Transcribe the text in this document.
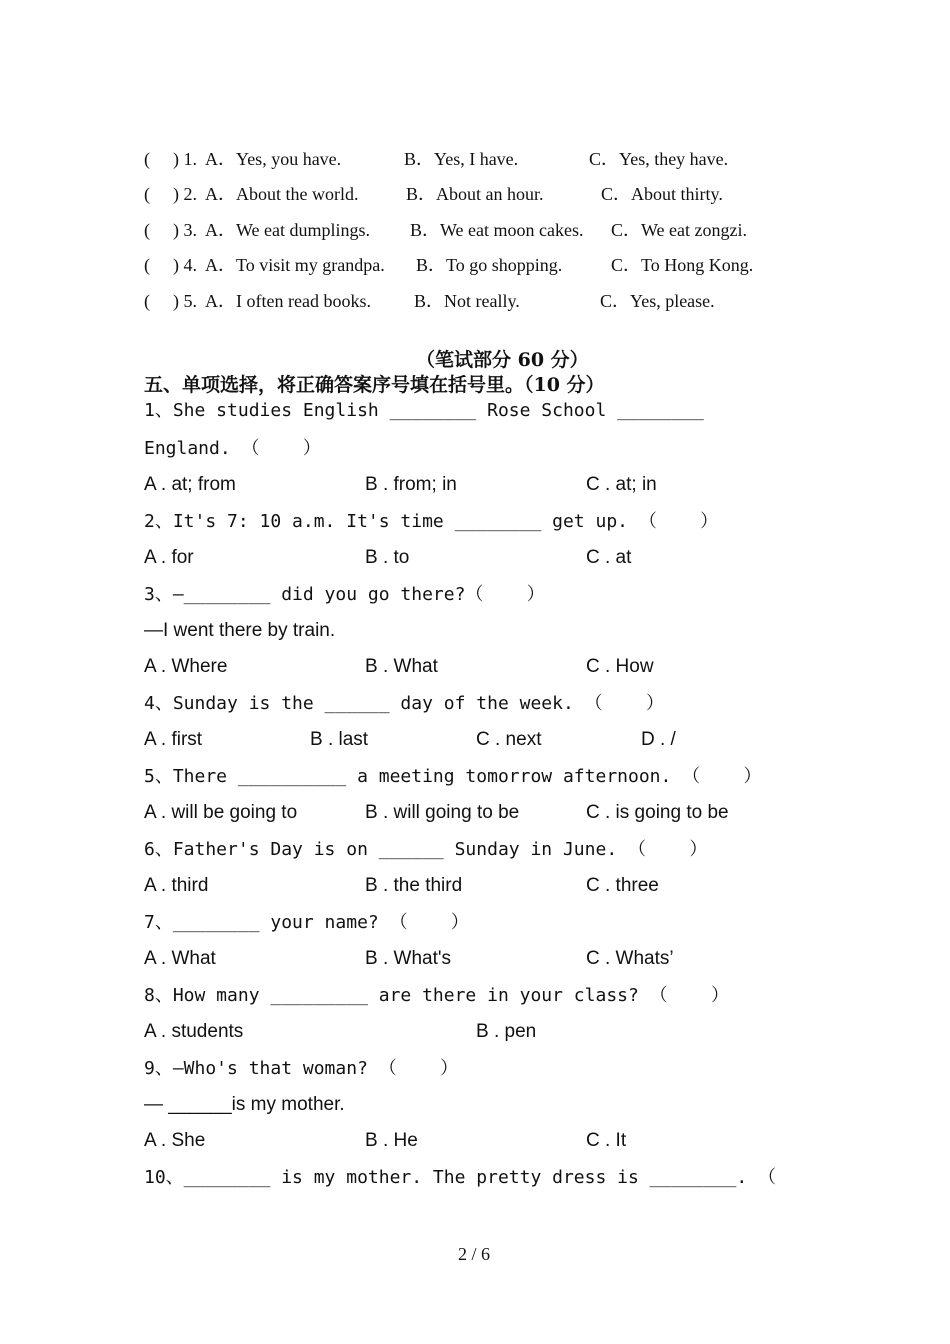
( ) 1. A．Yes, you have.	B．Yes, I have.	C．Yes, they have.
( ) 2. A．About the world.	B．About an hour.	C．About thirty.
( ) 3. A．We eat dumplings. B．We eat moon cakes. C．We eat zongzi.
( ) 4. A．To visit my grandpa. B．To go shopping.	C．To Hong Kong.
( ) 5. A．I often read books. B．Not really.	C．Yes, please.
（笔试部分 60 分）
五、单项选择，将正确答案序号填在括号里。（10 分）
1、She studies English ________ Rose School ________
England. （    ）
A . at; from	B . from; in	C . at; in
2、It's 7: 10 a.m. It's time ________ get up. （    ）
A . for	B . to	C . at
3、—________ did you go there?（    ）
—I went there by train.
A . Where	B . What	C . How
4、Sunday is the ______ day of the week. （    ）
A . first	B . last	C . next	D . /
5、There __________ a meeting tomorrow afternoon. （    ）
A . will be going to	B . will going to be	C . is going to be
6、Father's Day is on ______ Sunday in June. （    ）
A . third	B . the third	C . three
7、________ your name? （    ）
A . What	B . What's	C . Whats’
8、How many _________ are there in your class? （    ）
A . students	B . pen
9、—Who's that woman? （    ）
— ______is my mother.
A . She	B . He	C . It
10、________ is my mother. The pretty dress is ________. （
2 / 6
